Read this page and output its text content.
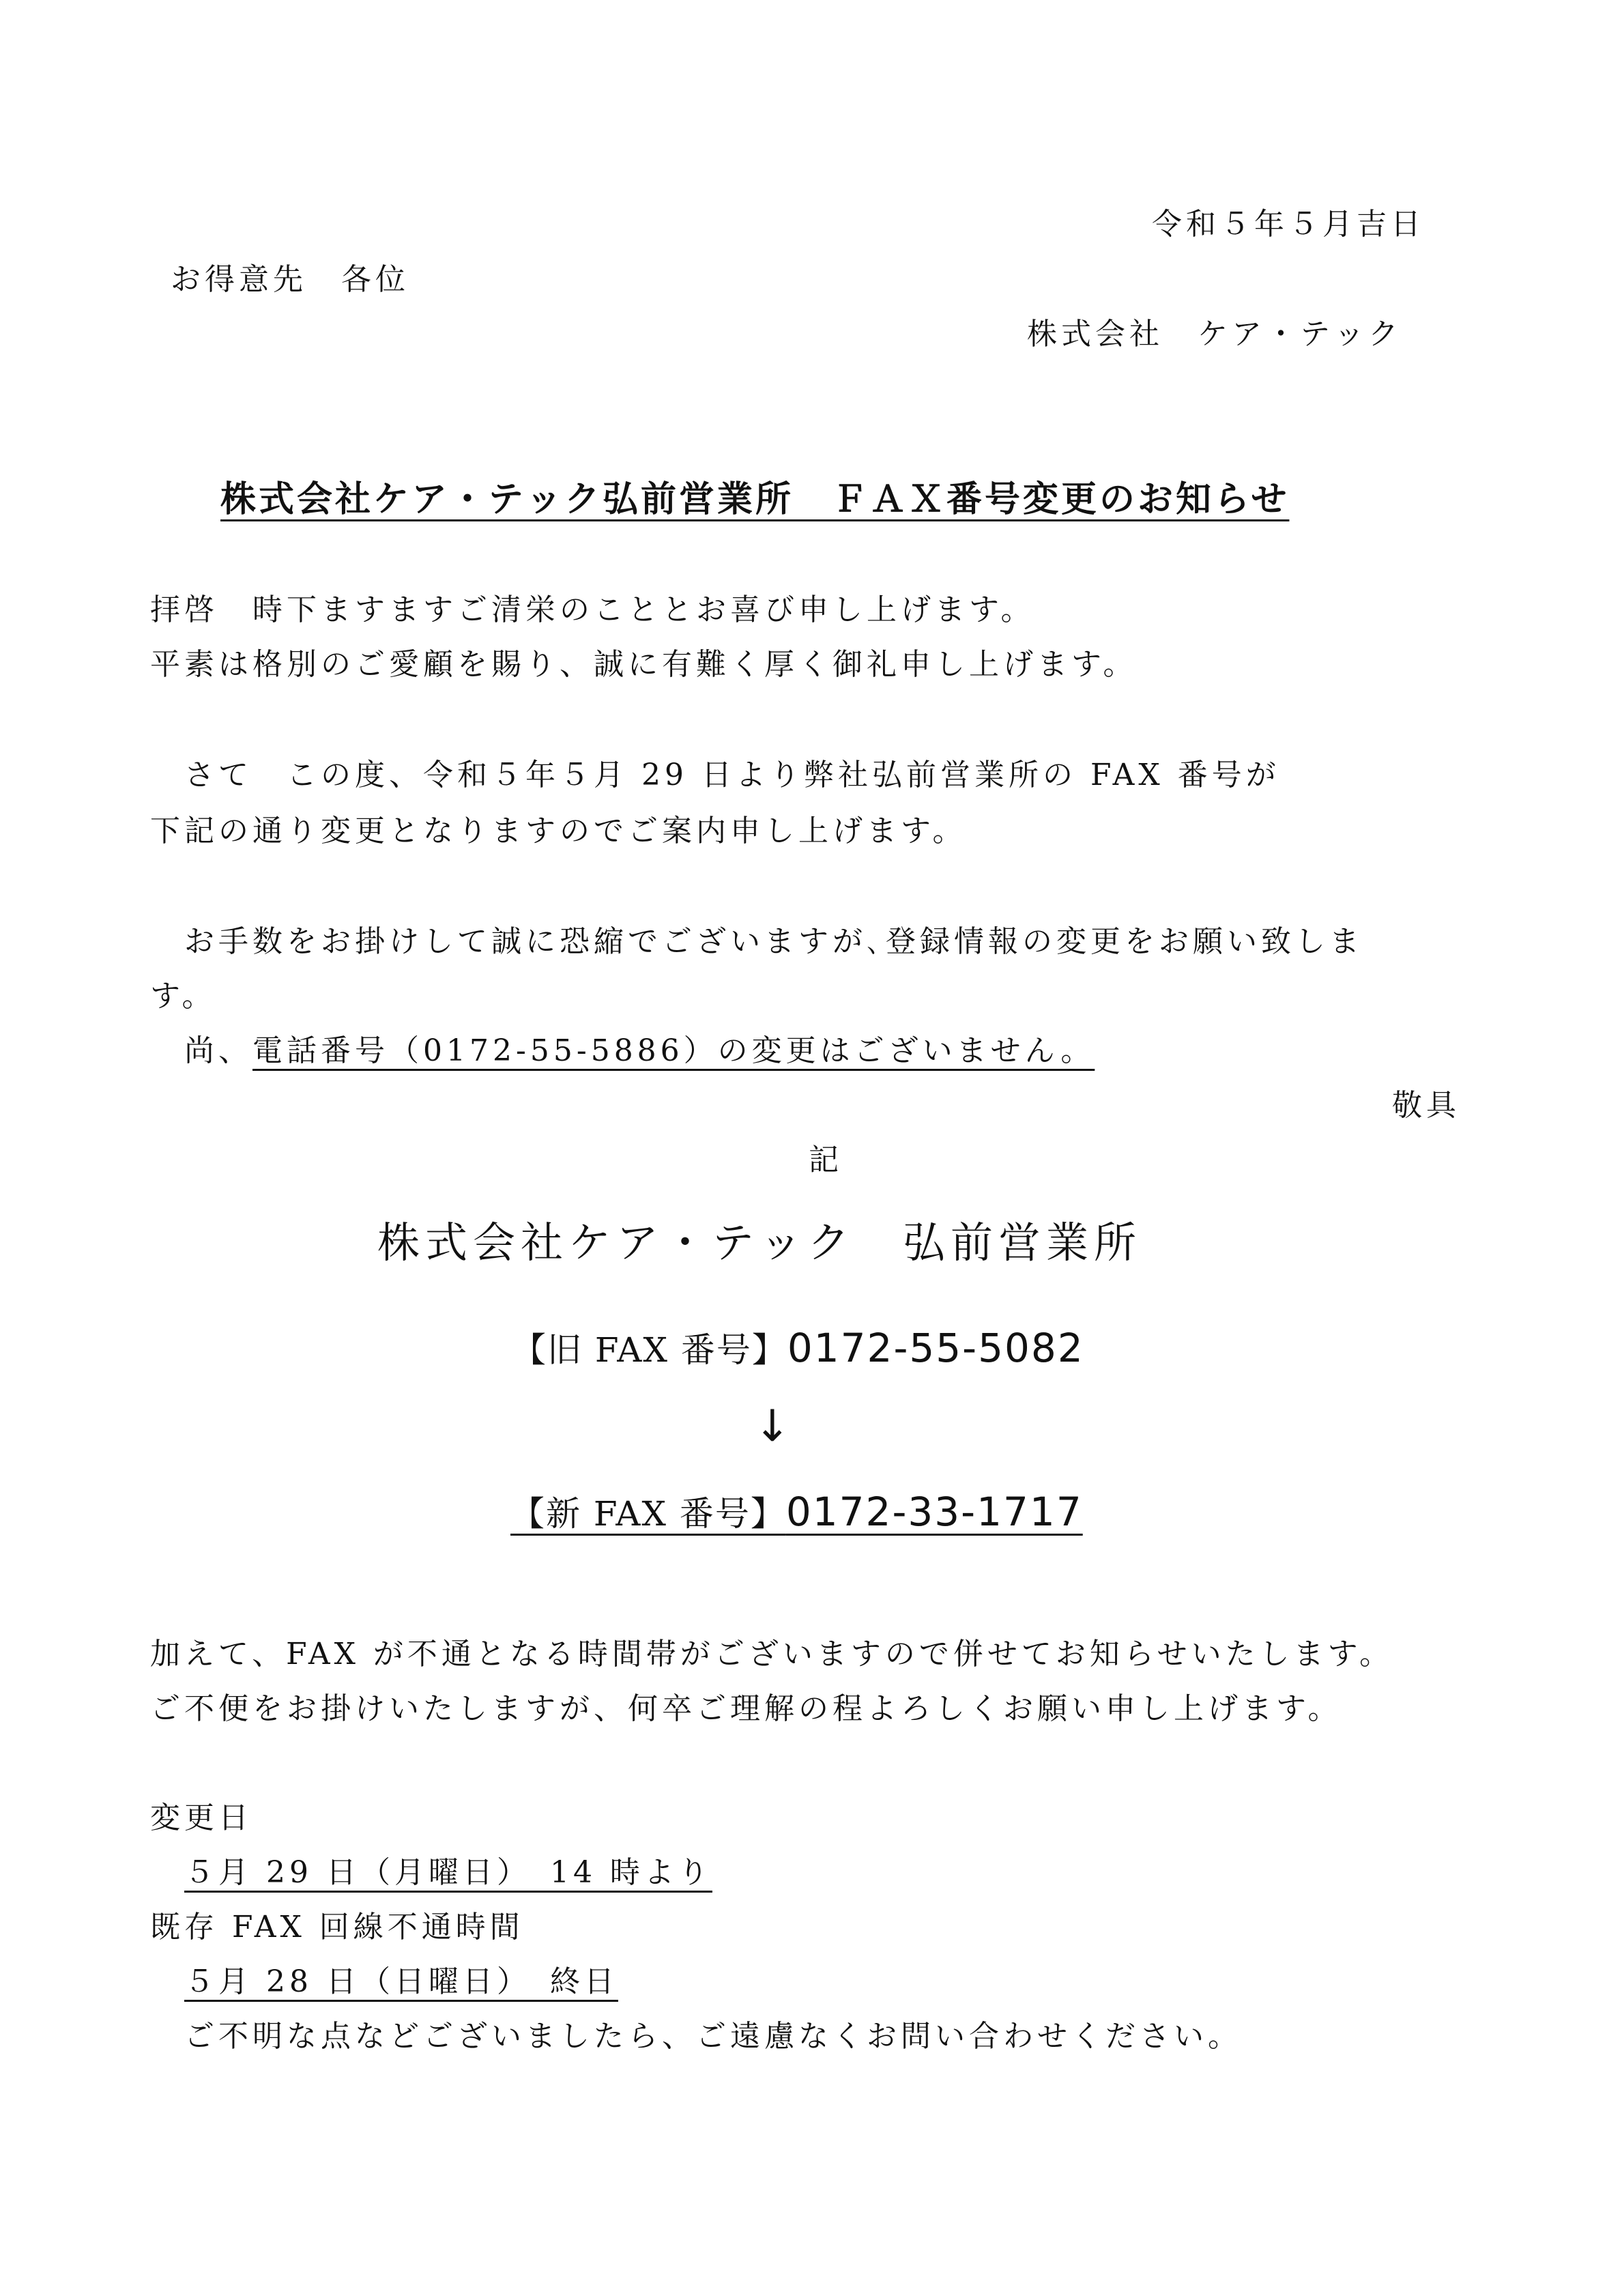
令和５年５月吉日
お得意先　各位
株式会社　ケア・テック
株式会社ケア・テック弘前営業所　ＦＡＸ番号変更のお知らせ
拝啓　時下ますますご清栄のこととお喜び申し上げます。
平素は格別のご愛顧を賜り、誠に有難く厚く御礼申し上げます。
　さて　この度、令和５年５月 29 日より弊社弘前営業所の FAX 番号が
下記の通り変更となりますのでご案内申し上げます。
　お手数をお掛けして誠に恐縮でございますが､登録情報の変更をお願い致しま
す。
　尚、電話番号（0172‐55‐5886）の変更はございません。
敬具
記
株式会社ケア・テック　弘前営業所
【旧 FAX 番号】0172‐55‐5082
↓
【新 FAX 番号】0172‐33‐1717
加えて、FAX が不通となる時間帯がございますので併せてお知らせいたします。
ご不便をお掛けいたしますが、何卒ご理解の程よろしくお願い申し上げます。
変更日
５月 29 日（月曜日）　14 時より
既存 FAX 回線不通時間
５月 28 日（日曜日）　終日
ご不明な点などございましたら、ご遠慮なくお問い合わせください。
